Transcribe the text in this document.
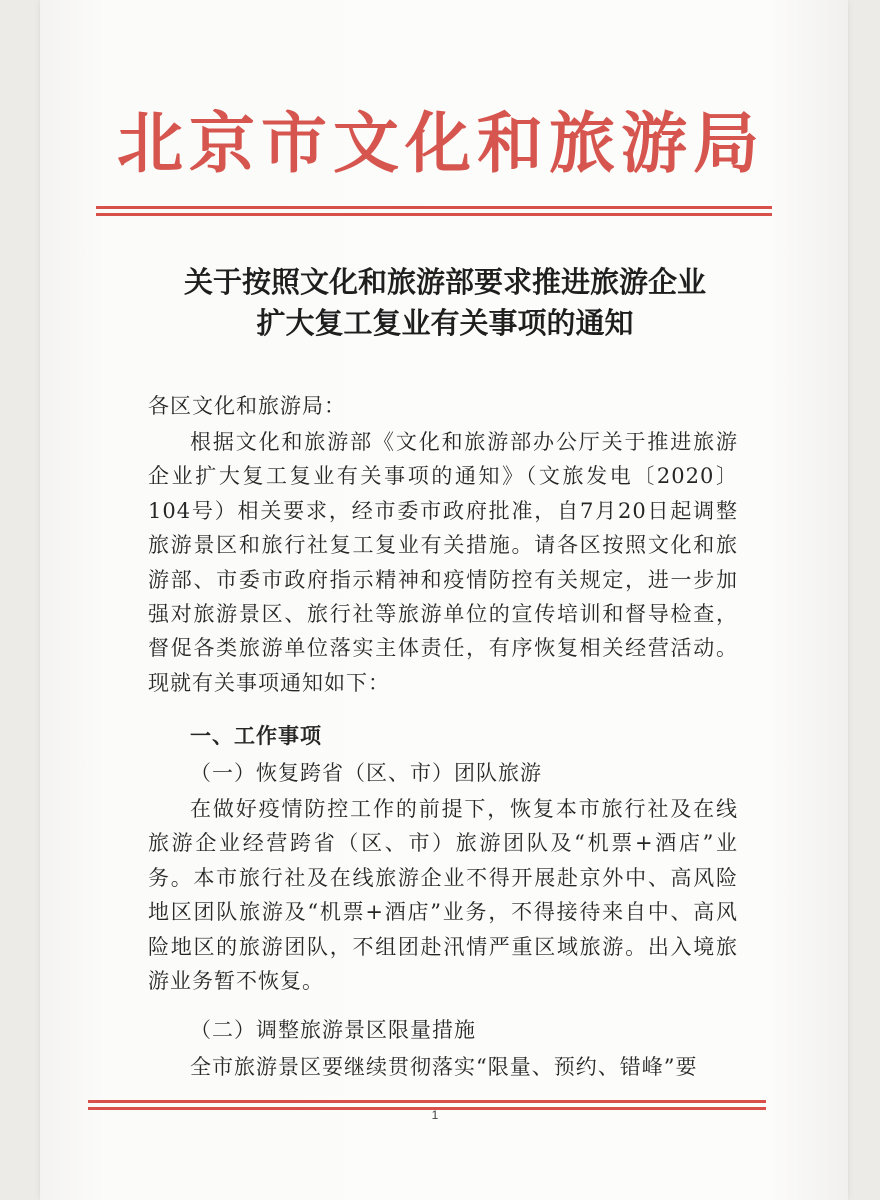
北京市文化和旅游局
关于按照文化和旅游部要求推进旅游企业
扩大复工复业有关事项的通知
各区文化和旅游局：
根据文化和旅游部《文化和旅游部办公厅关于推进旅游企业扩大复工复业有关事项的通知》（文旅发电〔2020〕104号）相关要求，经市委市政府批准，自7月20日起调整旅游景区和旅行社复工复业有关措施。请各区按照文化和旅游部、市委市政府指示精神和疫情防控有关规定，进一步加强对旅游景区、旅行社等旅游单位的宣传培训和督导检查，督促各类旅游单位落实主体责任，有序恢复相关经营活动。现就有关事项通知如下：
一、工作事项
（一）恢复跨省（区、市）团队旅游
在做好疫情防控工作的前提下，恢复本市旅行社及在线旅游企业经营跨省（区、市）旅游团队及“机票+酒店”业务。本市旅行社及在线旅游企业不得开展赴京外中、高风险地区团队旅游及“机票+酒店”业务，不得接待来自中、高风险地区的旅游团队，不组团赴汛情严重区域旅游。出入境旅游业务暂不恢复。
（二）调整旅游景区限量措施
全市旅游景区要继续贯彻落实“限量、预约、错峰”要
1
